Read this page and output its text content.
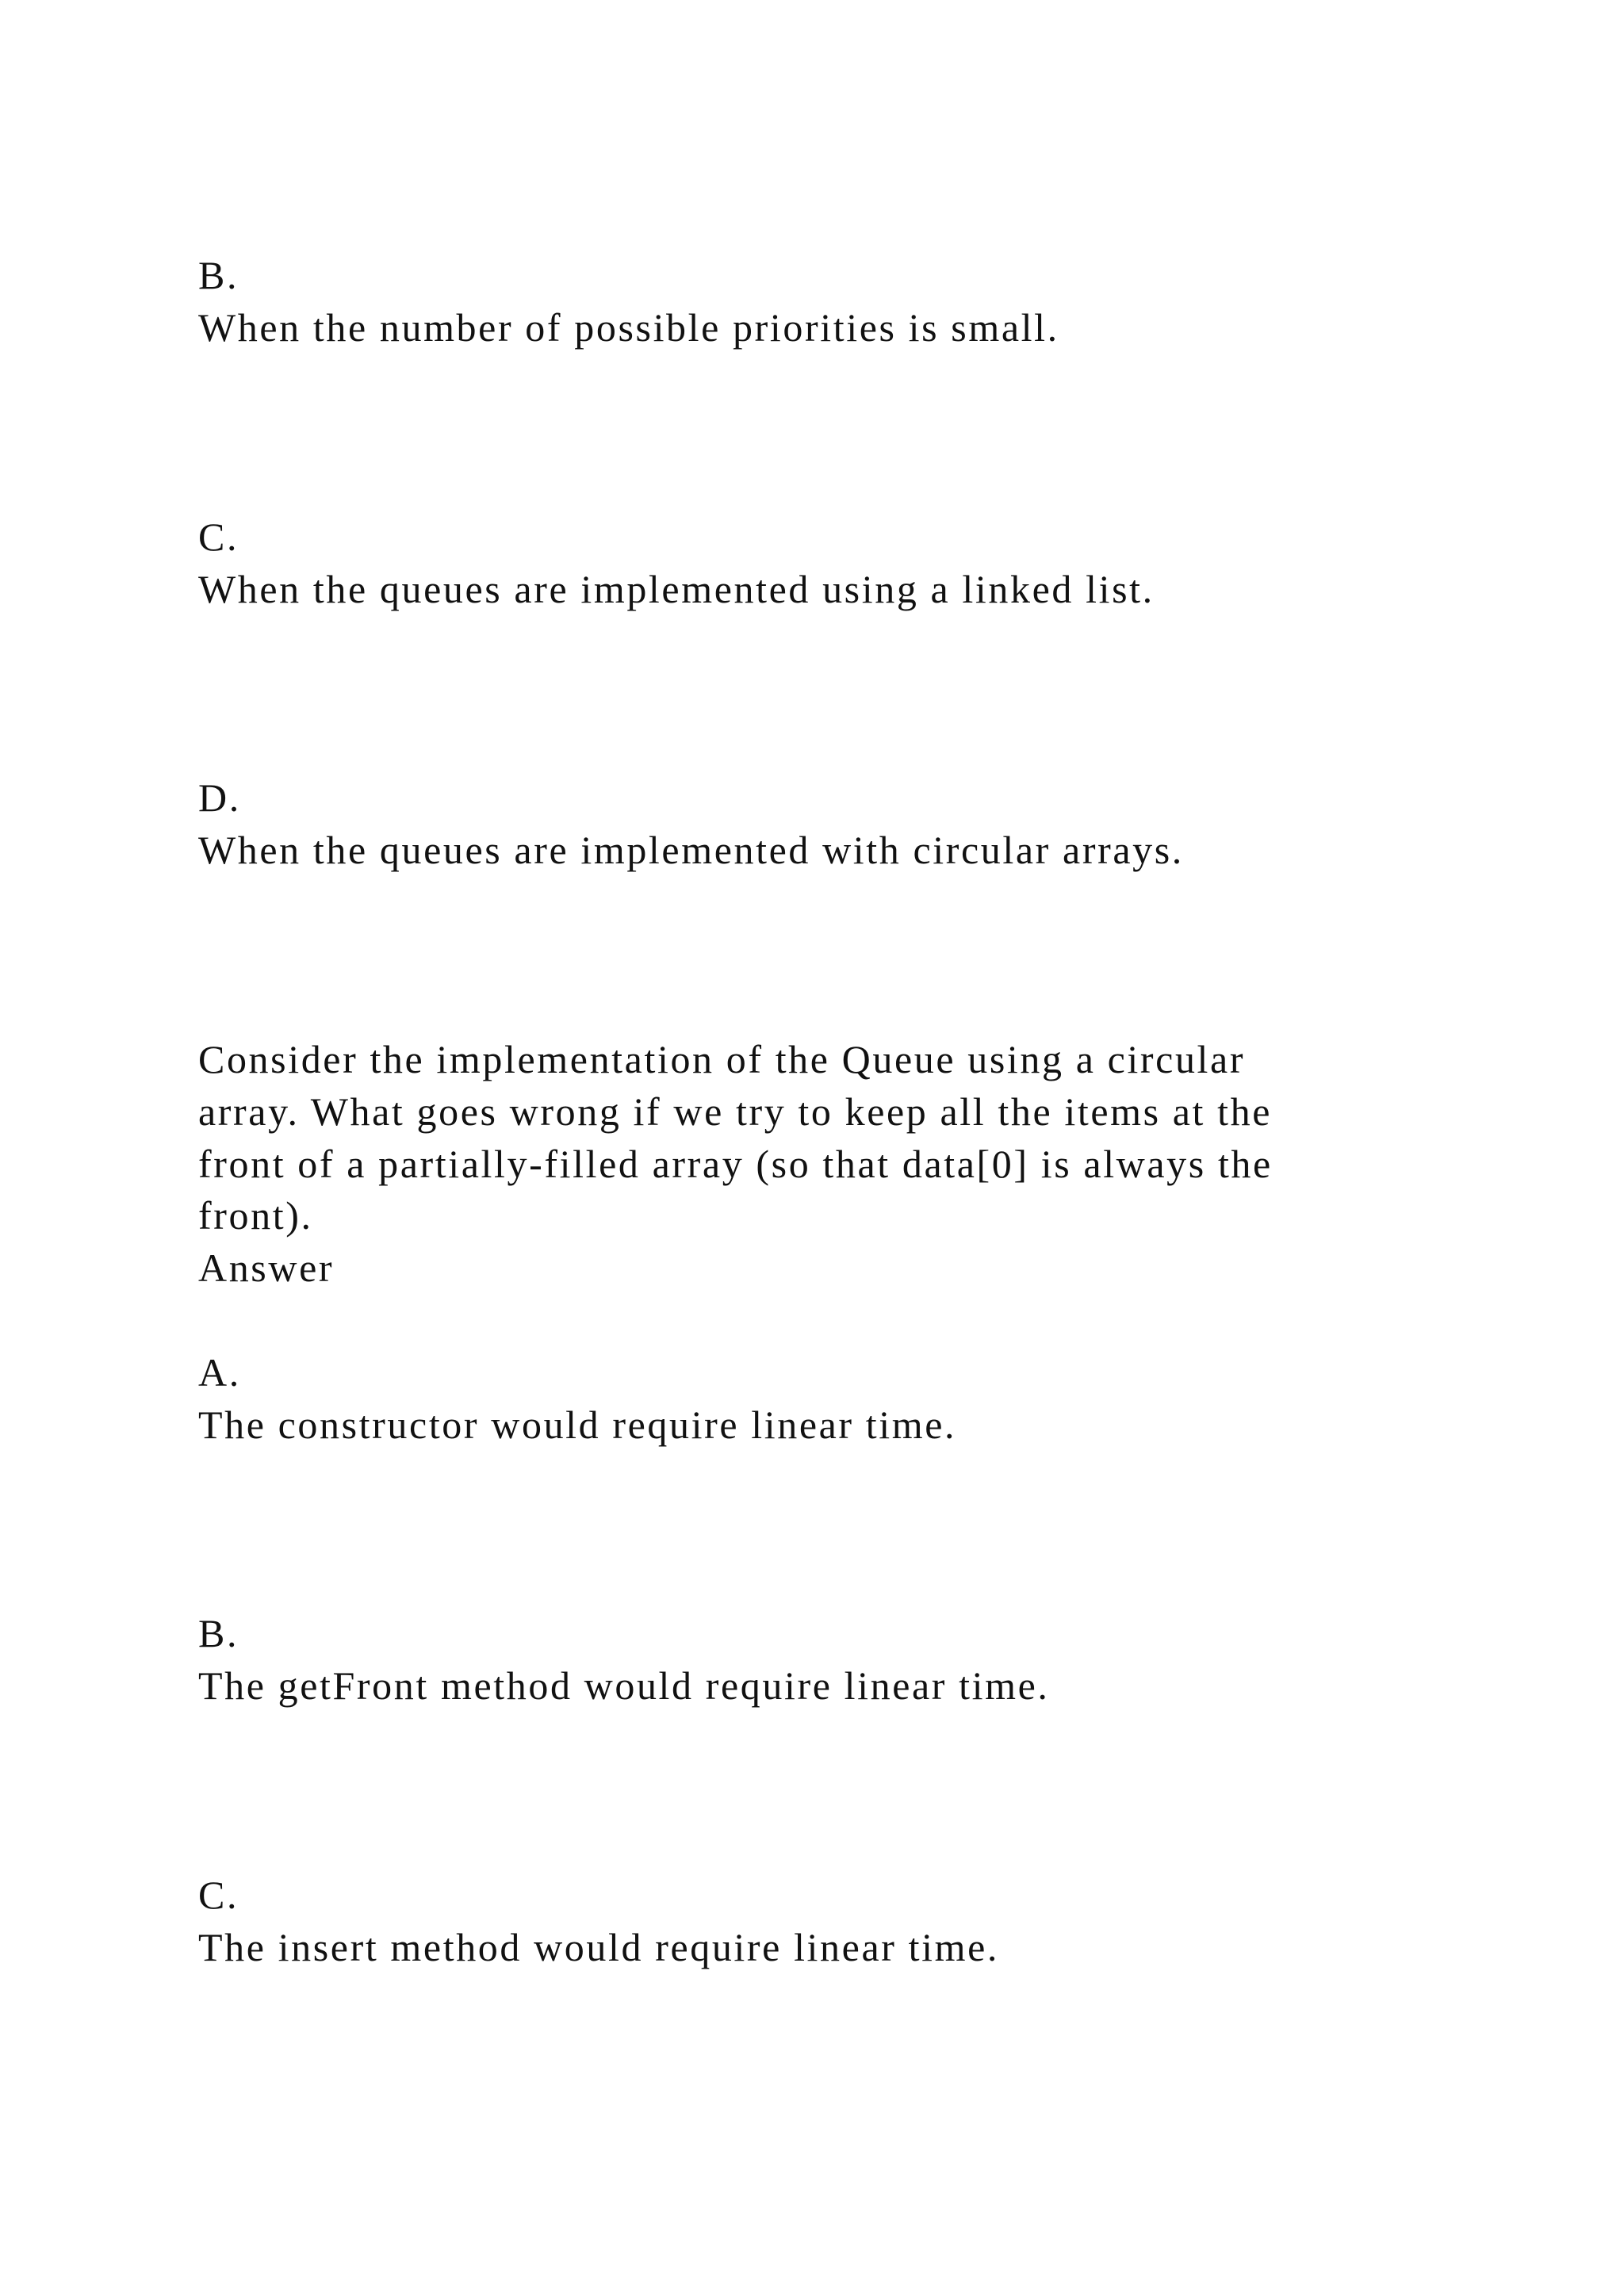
B.
When the number of possible priorities is small.
C.
When the queues are implemented using a linked list.
D.
When the queues are implemented with circular arrays.
Consider the implementation of the Queue using a circular
array. What goes wrong if we try to keep all the items at the
front of a partially-filled array (so that data[0] is always the
front).
Answer
A.
The constructor would require linear time.
B.
The getFront method would require linear time.
C.
The insert method would require linear time.
